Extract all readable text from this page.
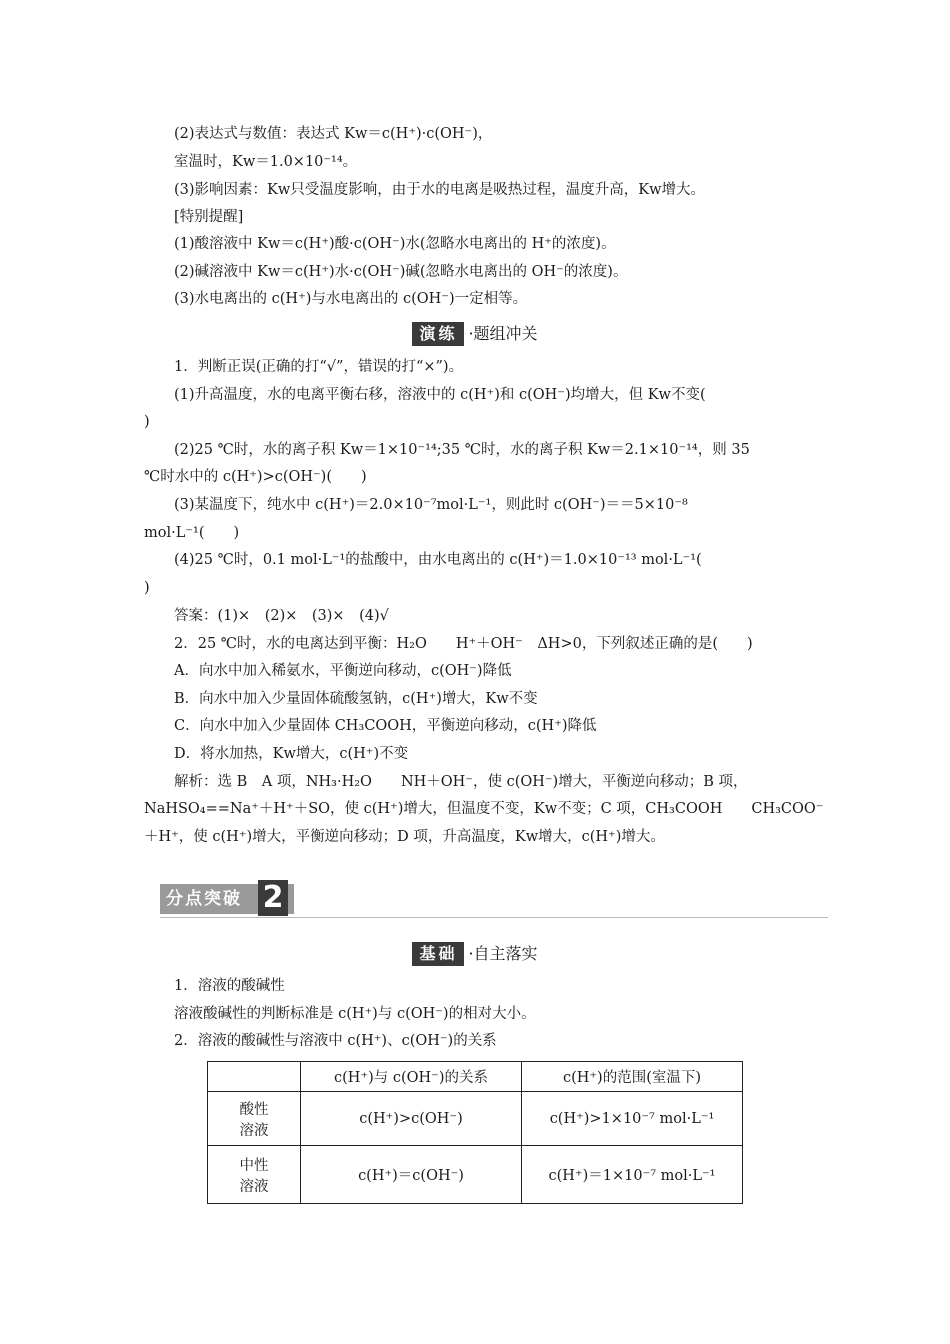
(2)表达式与数值：表达式 Kw＝c(H⁺)·c(OH⁻)，
室温时，Kw＝1.0×10⁻¹⁴。
(3)影响因素：Kw只受温度影响，由于水的电离是吸热过程，温度升高，Kw增大。
[特别提醒]
(1)酸溶液中 Kw＝c(H⁺)酸·c(OH⁻)水(忽略水电离出的 H⁺的浓度)。
(2)碱溶液中 Kw＝c(H⁺)水·c(OH⁻)碱(忽略水电离出的 OH⁻的浓度)。
(3)水电离出的 c(H⁺)与水电离出的 c(OH⁻)一定相等。
演练 ·题组冲关
1．判断正误(正确的打“√”，错误的打“×”)。
(1)升高温度，水的电离平衡右移，溶液中的 c(H⁺)和 c(OH⁻)均增大，但 Kw不变(
)
(2)25 ℃时，水的离子积 Kw＝1×10⁻¹⁴;35 ℃时，水的离子积 Kw＝2.1×10⁻¹⁴，则 35
℃时水中的 c(H⁺)>c(OH⁻)(　　)
(3)某温度下，纯水中 c(H⁺)＝2.0×10⁻⁷mol·L⁻¹，则此时 c(OH⁻)＝＝5×10⁻⁸
mol·L⁻¹(　　)
(4)25 ℃时，0.1 mol·L⁻¹的盐酸中，由水电离出的 c(H⁺)＝1.0×10⁻¹³ mol·L⁻¹(
)
答案：(1)×　(2)×　(3)×　(4)√
2．25 ℃时，水的电离达到平衡：H₂O　　H⁺＋OH⁻　ΔH>0，下列叙述正确的是(　　)
A．向水中加入稀氨水，平衡逆向移动，c(OH⁻)降低
B．向水中加入少量固体硫酸氢钠，c(H⁺)增大，Kw不变
C．向水中加入少量固体 CH₃COOH，平衡逆向移动，c(H⁺)降低
D．将水加热，Kw增大，c(H⁺)不变
解析：选 B　A 项，NH₃·H₂O　　NH＋OH⁻，使 c(OH⁻)增大，平衡逆向移动；B 项，
NaHSO₄==Na⁺＋H⁺＋SO，使 c(H⁺)增大，但温度不变，Kw不变；C 项，CH₃COOH　　CH₃COO⁻
＋H⁺，使 c(H⁺)增大，平衡逆向移动；D 项，升高温度，Kw增大，c(H⁺)增大。
分点突破 2
基础 ·自主落实
1．溶液的酸碱性
溶液酸碱性的判断标准是 c(H⁺)与 c(OH⁻)的相对大小。
2．溶液的酸碱性与溶液中 c(H⁺)、c(OH⁻)的关系
	c(H⁺)与 c(OH⁻)的关系	c(H⁺)的范围(室温下)

酸性
溶液	c(H⁺)>c(OH⁻)	c(H⁺)>1×10⁻⁷ mol·L⁻¹

中性
溶液	c(H⁺)＝c(OH⁻)	c(H⁺)＝1×10⁻⁷ mol·L⁻¹
